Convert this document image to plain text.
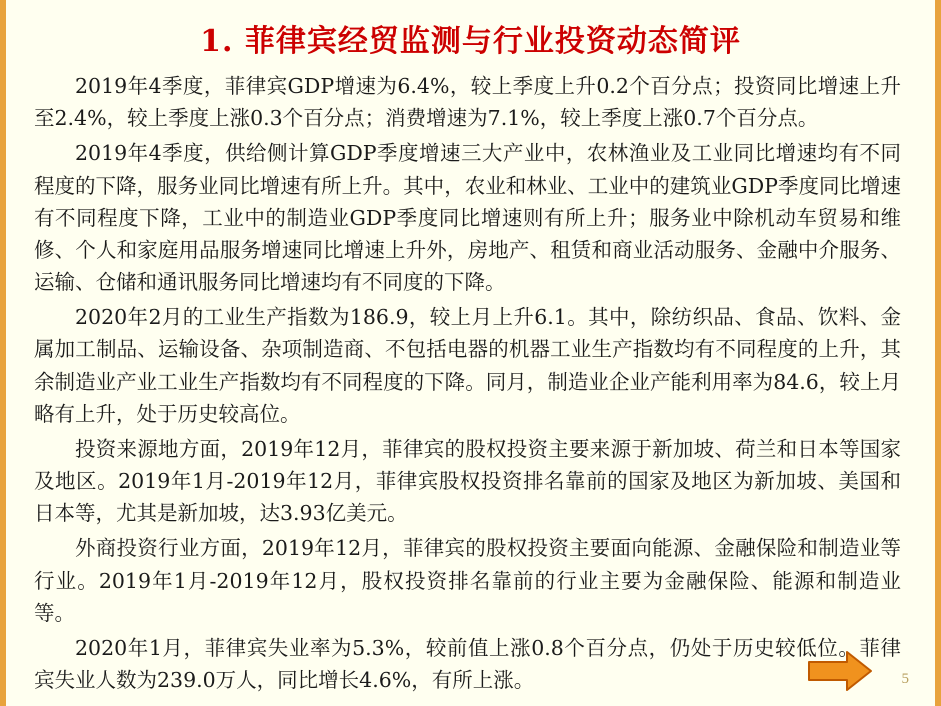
1. 菲律宾经贸监测与行业投资动态简评

2019年4季度，菲律宾GDP增速为6.4%，较上季度上升0.2个百分点；投资同比增速上升至2.4%，较上季度上涨0.3个百分点；消费增速为7.1%，较上季度上涨0.7个百分点。

2019年4季度，供给侧计算GDP季度增速三大产业中，农林渔业及工业同比增速均有不同程度的下降，服务业同比增速有所上升。其中，农业和林业、工业中的建筑业GDP季度同比增速有不同程度下降，工业中的制造业GDP季度同比增速则有所上升；服务业中除机动车贸易和维修、个人和家庭用品服务增速同比增速上升外，房地产、租赁和商业活动服务、金融中介服务、运输、仓储和通讯服务同比增速均有不同度的下降。

2020年2月的工业生产指数为186.9，较上月上升6.1。其中，除纺织品、食品、饮料、金属加工制品、运输设备、杂项制造商、不包括电器的机器工业生产指数均有不同程度的上升，其余制造业产业工业生产指数均有不同程度的下降。同月，制造业企业产能利用率为84.6，较上月略有上升，处于历史较高位。

投资来源地方面，2019年12月，菲律宾的股权投资主要来源于新加坡、荷兰和日本等国家及地区。2019年1月-2019年12月，菲律宾股权投资排名靠前的国家及地区为新加坡、美国和日本等，尤其是新加坡，达3.93亿美元。

外商投资行业方面，2019年12月，菲律宾的股权投资主要面向能源、金融保险和制造业等行业。2019年1月-2019年12月，股权投资排名靠前的行业主要为金融保险、能源和制造业等。

2020年1月，菲律宾失业率为5.3%，较前值上涨0.8个百分点，仍处于历史较低位。菲律宾失业人数为239.0万人，同比增长4.6%，有所上涨。	5
